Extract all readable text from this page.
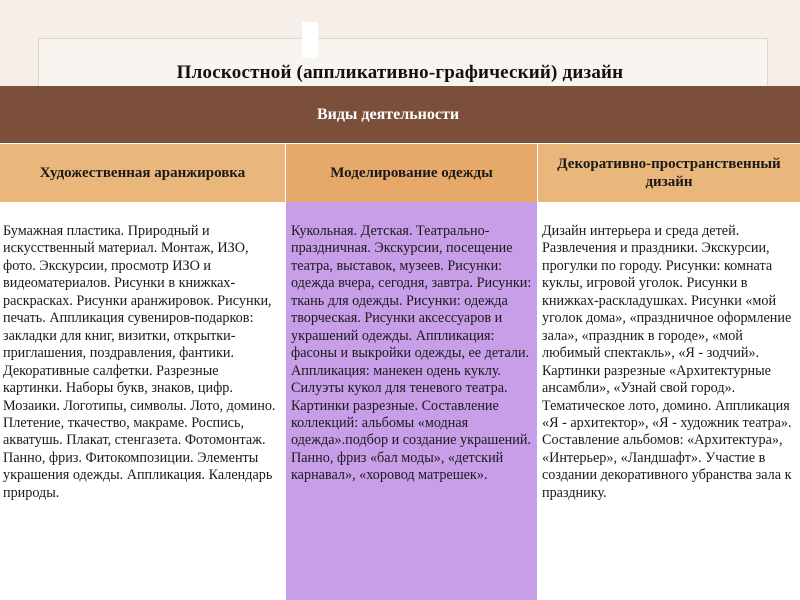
Плоскостной (аппликативно-графический) дизайн
Виды деятельности
Художественная аранжировка	Моделирование одежды
Декоративно-пространственный дизайн
Бумажная пластика. Природный и искусственный материал. Монтаж, ИЗО, фото. Экскурсии, просмотр ИЗО и видеоматериалов. Рисунки в книжках-раскрасках. Рисунки аранжировок. Рисунки, печать. Аппликация сувениров-подарков: закладки для книг, визитки, открытки-приглашения, поздравления, фантики. Декоративные салфетки. Разрезные картинки. Наборы букв, знаков, цифр. Мозаики. Логотипы, символы. Лото, домино. Плетение, ткачество, макраме. Роспись, акватушь. Плакат, стенгазета. Фотомонтаж. Панно, фриз. Фитокомпозиции. Элементы украшения одежды. Аппликация. Календарь природы.
Кукольная. Детская. Театрально-праздничная. Экскурсии, посещение театра, выставок, музеев. Рисунки: одежда вчера, сегодня, завтра. Рисунки: ткань для одежды. Рисунки: одежда творческая. Рисунки аксессуаров и украшений одежды. Аппликация: фасоны и выкройки одежды, ее детали. Аппликация: манекен одень куклу. Силуэты кукол для теневого театра. Картинки разрезные. Составление коллекций: альбомы «модная одежда».подбор и создание украшений. Панно, фриз «бал моды», «детский карнавал», «хоровод матрешек».
Дизайн интерьера и среда детей. Развлечения и праздники. Экскурсии, прогулки по городу. Рисунки: комната куклы, игровой уголок. Рисунки в книжках-раскладушках. Рисунки «мой уголок дома», «праздничное оформление зала», «праздник в городе», «мой любимый спектакль», «Я - зодчий». Картинки разрезные «Архитектурные ансамбли», «Узнай свой город». Тематическое лото, домино. Аппликация «Я - архитектор», «Я - художник театра». Составление альбомов: «Архитектура», «Интерьер», «Ландшафт». Участие в создании декоративного убранства зала к празднику.
